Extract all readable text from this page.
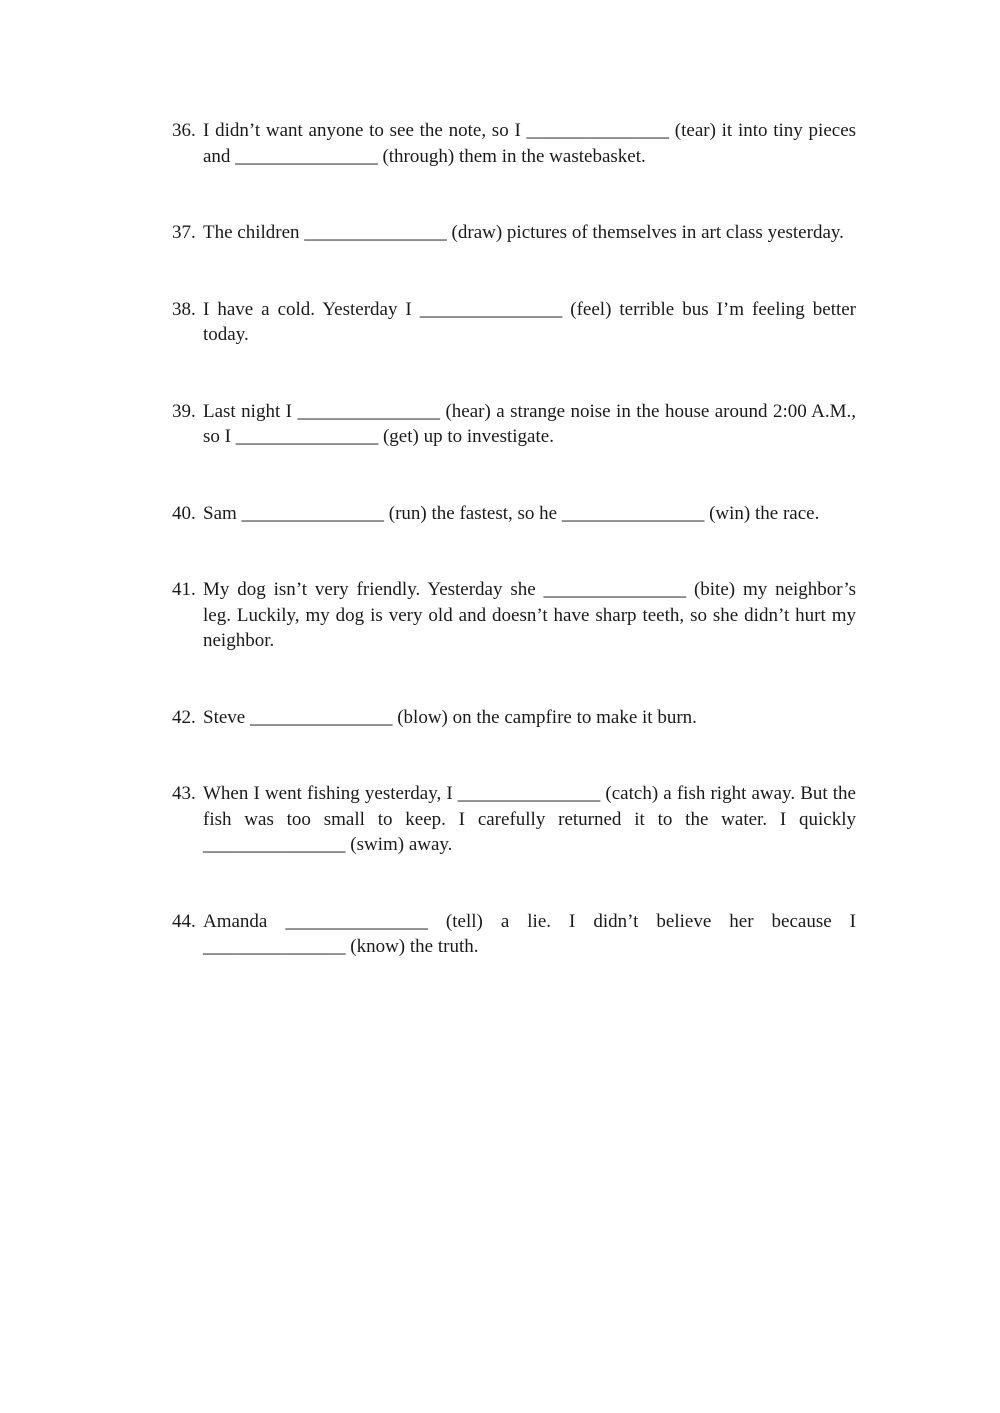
36. I didn’t want anyone to see the note, so I _______________ (tear) it into tiny pieces and _______________ (through) them in the wastebasket.
37. The children _______________ (draw) pictures of themselves in art class yesterday.
38. I have a cold. Yesterday I _______________ (feel) terrible bus I’m feeling better today.
39. Last night I _______________ (hear) a strange noise in the house around 2:00 A.M., so I _______________ (get) up to investigate.
40. Sam _______________ (run) the fastest, so he _______________ (win) the race.
41. My dog isn’t very friendly. Yesterday she _______________ (bite) my neighbor’s leg. Luckily, my dog is very old and doesn’t have sharp teeth, so she didn’t hurt my neighbor.
42. Steve _______________ (blow) on the campfire to make it burn.
43. When I went fishing yesterday, I _______________ (catch) a fish right away. But the fish was too small to keep. I carefully returned it to the water. I quickly _______________ (swim) away.
44. Amanda _______________ (tell) a lie. I didn’t believe her because I _______________ (know) the truth.
